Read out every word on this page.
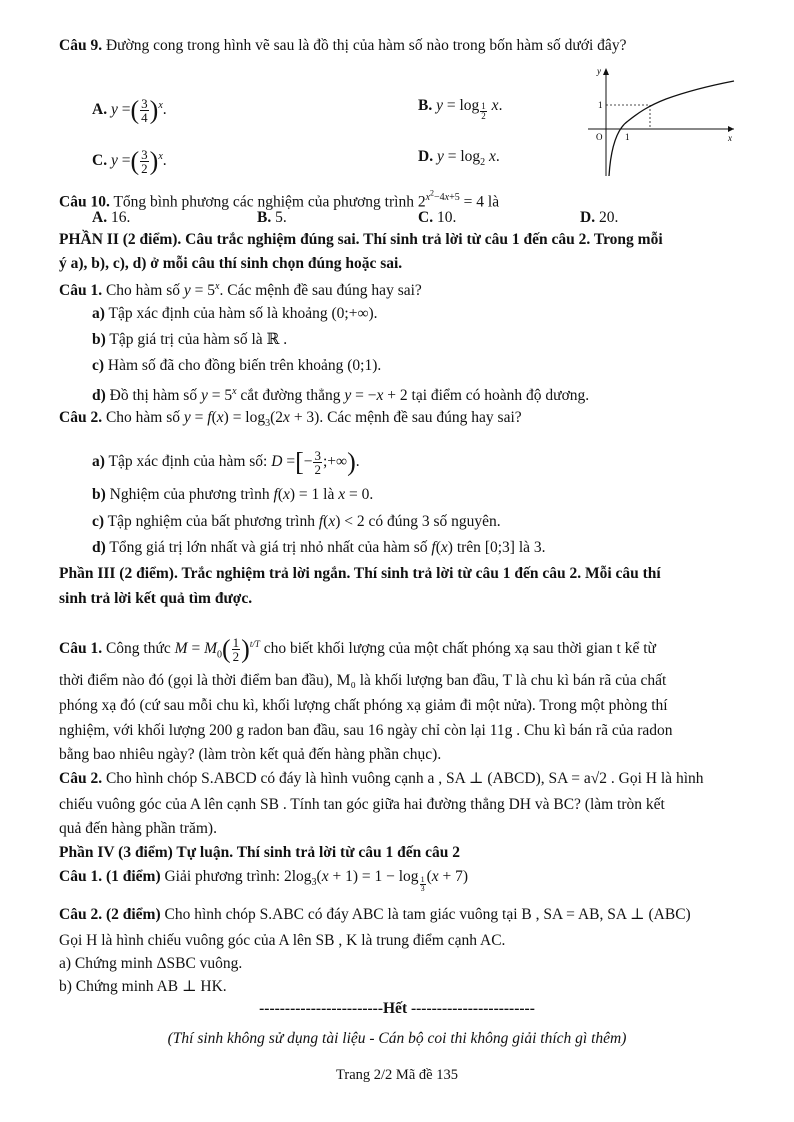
Câu 9. Đường cong trong hình vẽ sau là đồ thị của hàm số nào trong bốn hàm số dưới đây?
A. y =( $\frac{3}{4} )^x$.	B. $y = \log \frac{1}{2} x$.
C. y =( $\frac{3}{2} )^x$.	D. $y = \log_2 x$.
y
x
O	1
1
Câu 10. Tổng bình phương các nghiệm của phương trình $2^{x^2-4x+5} = 4$ là
A. 16.	B. 5.	C. 10.	D. 20.
PHẦN II (2 điểm). Câu trắc nghiệm đúng sai. Thí sinh trả lời từ câu 1 đến câu 2. Trong mỗi
ý a), b), c), d) ở mỗi câu thí sinh chọn đúng hoặc sai.
Câu 1. Cho hàm số $y = 5^x$. Các mệnh đề sau đúng hay sai?
a) Tập xác định của hàm số là khoảng (0;+∞).
b) Tập giá trị của hàm số là ℝ .
c) Hàm số đã cho đồng biến trên khoảng (0;1).
d) Đồ thị hàm số $y = 5^x$ cắt đường thẳng y = −x + 2 tại điểm có hoành độ dương.
Câu 2. Cho hàm số $y = f(x) = \log_3(2x + 3)$. Các mệnh đề sau đúng hay sai?
a) Tập xác định của hàm số: D =[− $\frac{3}{2}$ ;+∞).
b) Nghiệm của phương trình f(x) = 1 là x = 0.
c) Tập nghiệm của bất phương trình f(x) < 2 có đúng 3 số nguyên.
d) Tổng giá trị lớn nhất và giá trị nhỏ nhất của hàm số f(x) trên [0;3] là 3.
Phần III (2 điểm). Trắc nghiệm trả lời ngắn. Thí sinh trả lời từ câu 1 đến câu 2. Mỗi câu thí
sinh trả lời kết quả tìm được.
Câu 1. Công thức $M = M_0( \frac{1}{2} )^{t/T}$ cho biết khối lượng của một chất phóng xạ sau thời gian t kể từ
thời điểm nào đó (gọi là thời điểm ban đầu), M₀ là khối lượng ban đầu, T là chu kì bán rã của chất
phóng xạ đó (cứ sau mỗi chu kì, khối lượng chất phóng xạ giảm đi một nửa). Trong một phòng thí
nghiệm, với khối lượng 200 g radon ban đầu, sau 16 ngày chỉ còn lại 11g . Chu kì bán rã của radon
bằng bao nhiêu ngày? (làm tròn kết quả đến hàng phần chục).
Câu 2. Cho hình chóp S.ABCD có đáy là hình vuông cạnh a , SA ⊥ (ABCD), SA = a√2 . Gọi H là hình
chiếu vuông góc của A lên cạnh SB . Tính tan góc giữa hai đường thẳng DH và BC? (làm tròn kết
quả đến hàng phần trăm).
Phần IV (3 điểm) Tự luận. Thí sinh trả lời từ câu 1 đến câu 2
Câu 1. (1 điểm) Giải phương trình: $2\log_3(x + 1) = 1 - \log \frac{1}{3} (x + 7)$
Câu 2. (2 điểm) Cho hình chóp S.ABC có đáy ABC là tam giác vuông tại B , SA = AB, SA ⊥ (ABC)
Gọi H là hình chiếu vuông góc của A lên SB , K là trung điểm cạnh AC.
a) Chứng minh ΔSBC vuông.
b) Chứng minh AB ⊥ HK.
------------------------Hết ------------------------
(Thí sinh không sử dụng tài liệu - Cán bộ coi thi không giải thích gì thêm)
Trang 2/2 Mã đề 135
